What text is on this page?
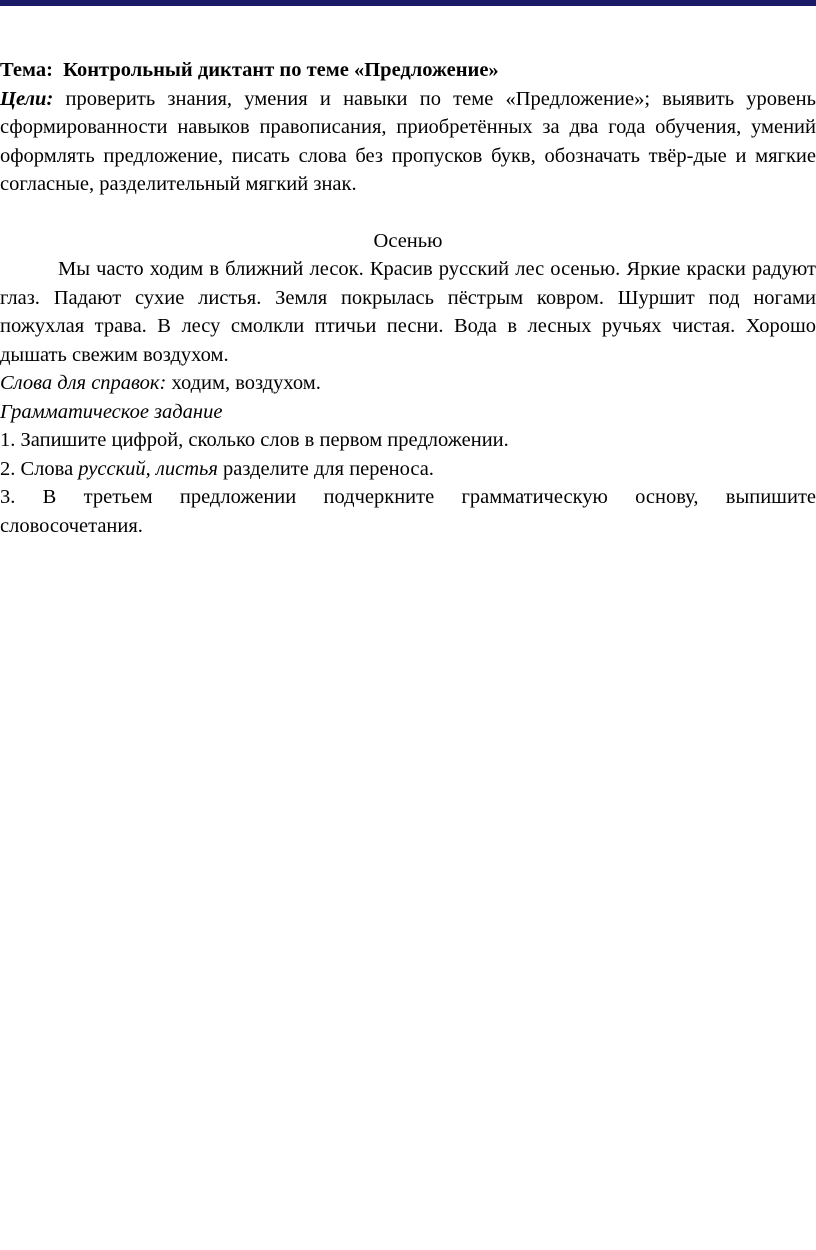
Тема: Контрольный диктант по теме «Предложение»
Цели: проверить знания, умения и навыки по теме «Предложение»; выявить уровень сформированности навыков правописания, приобретённых за два года обучения, умений оформлять предложение, писать слова без пропусков букв, обозначать твёр-дые и мягкие согласные, разделительный мягкий знак.
Осенью
Мы часто ходим в ближний лесок. Красив русский лес осенью. Яркие краски радуют глаз. Падают сухие листья. Земля покрылась пёстрым ковром. Шуршит под ногами пожухлая трава. В лесу смолкли птичьи песни. Вода в лесных ручьях чистая. Хорошо дышать свежим воздухом.
Слова для справок: ходим, воздухом.
Грамматическое задание
1. Запишите цифрой, сколько слов в первом предложении.
2. Слова русский, листья разделите для переноса.
3. В третьем предложении подчеркните грамматическую основу, выпишите словосочетания.
